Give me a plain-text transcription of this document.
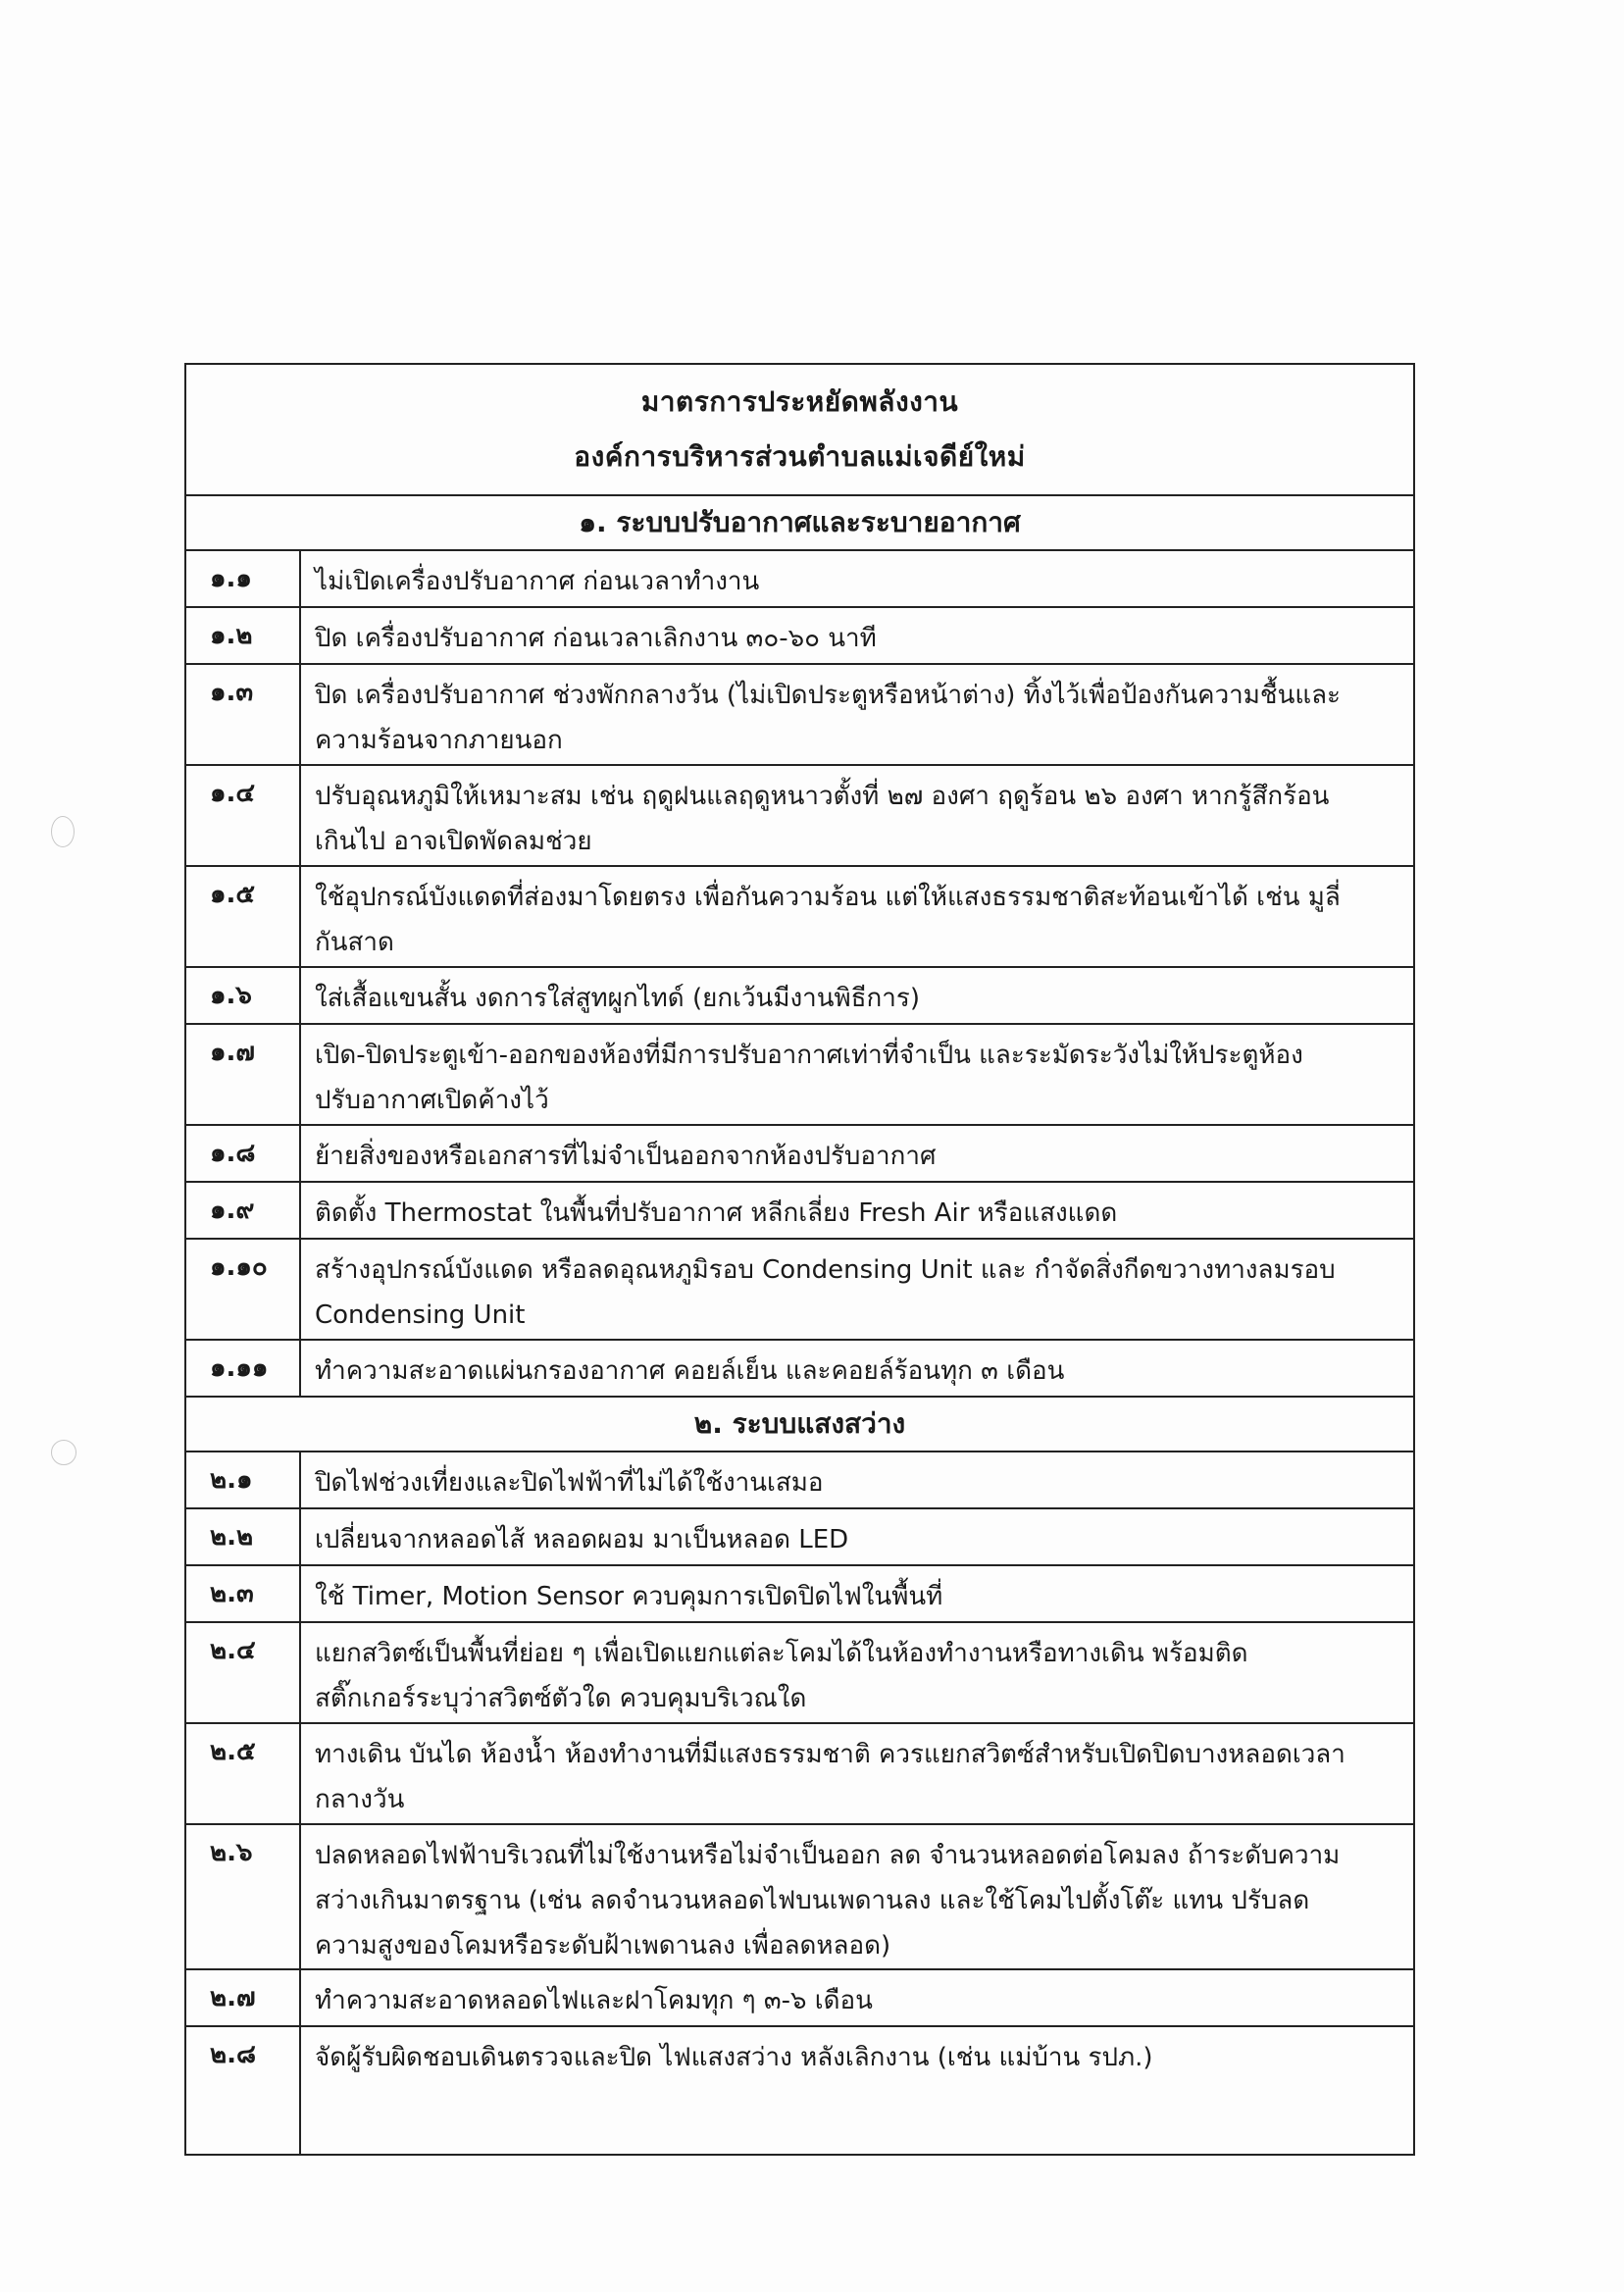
มาตรการประหยัดพลังงาน
องค์การบริหารส่วนตำบลแม่เจดีย์ใหม่
๑. ระบบปรับอากาศและระบายอากาศ
๑.๑	ไม่เปิดเครื่องปรับอากาศ ก่อนเวลาทำงาน
๑.๒	ปิด เครื่องปรับอากาศ ก่อนเวลาเลิกงาน ๓๐-๖๐ นาที
๑.๓	ปิด เครื่องปรับอากาศ ช่วงพักกลางวัน (ไม่เปิดประตูหรือหน้าต่าง) ทิ้งไว้เพื่อป้องกันความชื้นและ
ความร้อนจากภายนอก
๑.๔	ปรับอุณหภูมิให้เหมาะสม เช่น ฤดูฝนแลฤดูหนาวตั้งที่ ๒๗ องศา ฤดูร้อน ๒๖ องศา หากรู้สึกร้อน
เกินไป อาจเปิดพัดลมช่วย
๑.๕	ใช้อุปกรณ์บังแดดที่ส่องมาโดยตรง เพื่อกันความร้อน แต่ให้แสงธรรมชาติสะท้อนเข้าได้ เช่น มูลี่
กันสาด
๑.๖	ใส่เสื้อแขนสั้น งดการใส่สูทผูกไทด์ (ยกเว้นมีงานพิธีการ)
๑.๗	เปิด-ปิดประตูเข้า-ออกของห้องที่มีการปรับอากาศเท่าที่จำเป็น และระมัดระวังไม่ให้ประตูห้อง
ปรับอากาศเปิดค้างไว้
๑.๘	ย้ายสิ่งของหรือเอกสารที่ไม่จำเป็นออกจากห้องปรับอากาศ
๑.๙	ติดตั้ง Thermostat ในพื้นที่ปรับอากาศ หลีกเลี่ยง Fresh Air หรือแสงแดด
๑.๑๐	สร้างอุปกรณ์บังแดด หรือลดอุณหภูมิรอบ Condensing Unit และ กำจัดสิ่งกีดขวางทางลมรอบ
Condensing Unit
๑.๑๑	ทำความสะอาดแผ่นกรองอากาศ คอยล์เย็น และคอยล์ร้อนทุก ๓ เดือน
๒. ระบบแสงสว่าง
๒.๑	ปิดไฟช่วงเที่ยงและปิดไฟฟ้าที่ไม่ได้ใช้งานเสมอ
๒.๒	เปลี่ยนจากหลอดไส้ หลอดผอม มาเป็นหลอด LED
๒.๓	ใช้ Timer, Motion Sensor ควบคุมการเปิดปิดไฟในพื้นที่
๒.๔	แยกสวิตซ์เป็นพื้นที่ย่อย ๆ เพื่อเปิดแยกแต่ละโคมได้ในห้องทำงานหรือทางเดิน พร้อมติด
สติ๊กเกอร์ระบุว่าสวิตซ์ตัวใด ควบคุมบริเวณใด
๒.๕	ทางเดิน บันได ห้องน้ำ ห้องทำงานที่มีแสงธรรมชาติ ควรแยกสวิตซ์สำหรับเปิดปิดบางหลอดเวลา
กลางวัน
๒.๖	ปลดหลอดไฟฟ้าบริเวณที่ไม่ใช้งานหรือไม่จำเป็นออก ลด จำนวนหลอดต่อโคมลง ถ้าระดับความ
สว่างเกินมาตรฐาน (เช่น ลดจำนวนหลอดไฟบนเพดานลง และใช้โคมไปตั้งโต๊ะ แทน ปรับลด
ความสูงของโคมหรือระดับฝ้าเพดานลง เพื่อลดหลอด)
๒.๗	ทำความสะอาดหลอดไฟและฝาโคมทุก ๆ ๓-๖ เดือน
๒.๘	จัดผู้รับผิดชอบเดินตรวจและปิด ไฟแสงสว่าง หลังเลิกงาน (เช่น แม่บ้าน รปภ.)
